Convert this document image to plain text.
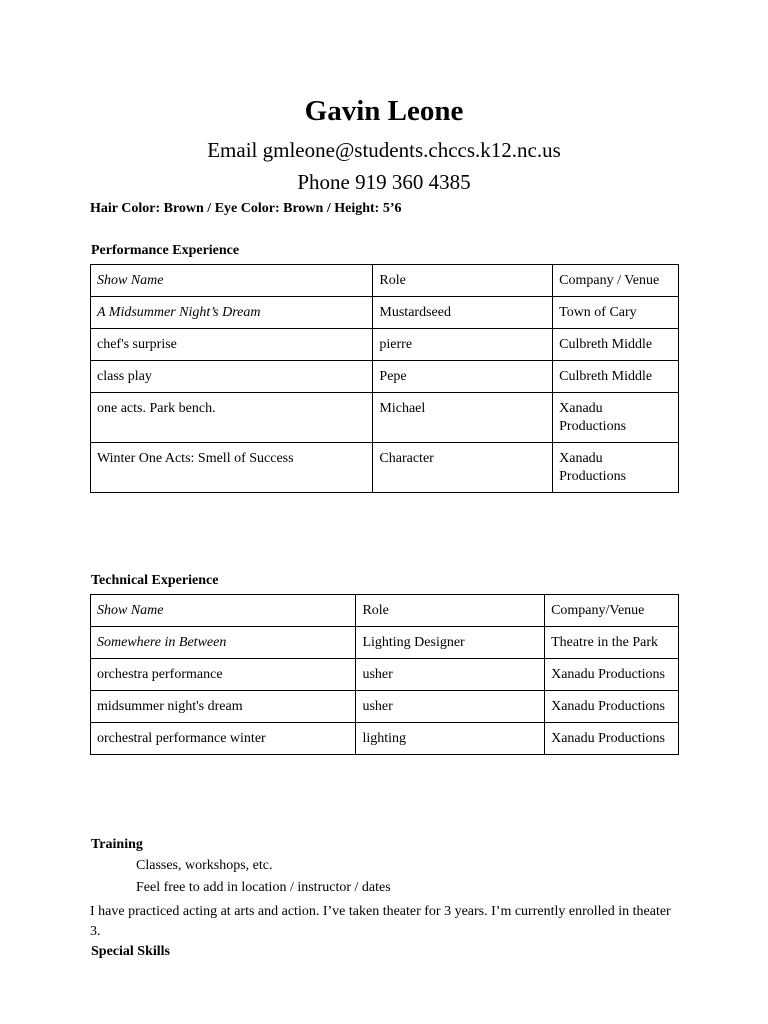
Gavin Leone
Email gmleone@students.chccs.k12.nc.us
Phone 919 360 4385
Hair Color: Brown / Eye Color: Brown / Height: 5’6
Performance Experience
Show Name	Role	Company / Venue
A Midsummer Night’s Dream	Mustardseed	Town of Cary
chef's surprise	pierre	Culbreth Middle
class play	Pepe	Culbreth Middle
one acts. Park bench.	Michael	Xanadu Productions
Winter One Acts: Smell of Success	Character	Xanadu Productions
Technical Experience
Show Name	Role	Company/Venue
Somewhere in Between	Lighting Designer	Theatre in the Park
orchestra performance	usher	Xanadu Productions
midsummer night's dream	usher	Xanadu Productions
orchestral performance winter	lighting	Xanadu Productions
Training
Classes, workshops, etc.
Feel free to add in location / instructor / dates
I have practiced acting at arts and action. I’ve taken theater for 3 years. I’m currently enrolled in theater 3.
Special Skills
